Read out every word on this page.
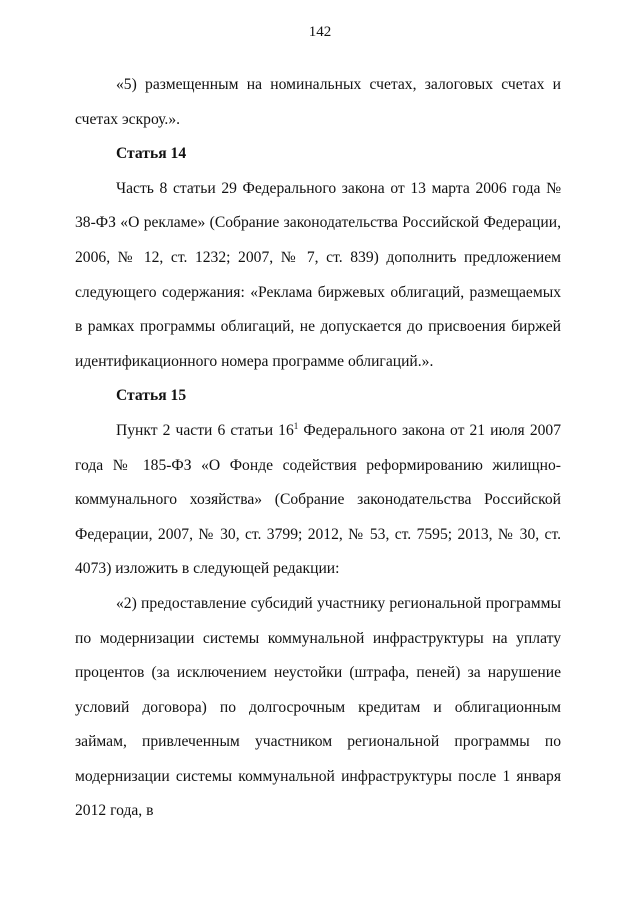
142

«5) размещенным на номинальных счетах, залоговых счетах и счетах эскроу.».

Статья 14

Часть 8 статьи 29 Федерального закона от 13 марта 2006 года № 38-ФЗ «О рекламе» (Собрание законодательства Российской Федерации, 2006, № 12, ст. 1232; 2007, № 7, ст. 839) дополнить предложением следующего содержания: «Реклама биржевых облигаций, размещаемых в рамках программы облигаций, не допускается до присвоения биржей идентификационного номера программе облигаций.».

Статья 15

Пункт 2 части 6 статьи $16^1$ Федерального закона от 21 июля 2007 года № 185-ФЗ «О Фонде содействия реформированию жилищно-коммунального хозяйства» (Собрание законодательства Российской Федерации, 2007, № 30, ст. 3799; 2012, № 53, ст. 7595; 2013, № 30, ст. 4073) изложить в следующей редакции:

«2) предоставление субсидий участнику региональной программы по модернизации системы коммунальной инфраструктуры на уплату процентов (за исключением неустойки (штрафа, пеней) за нарушение условий договора) по долгосрочным кредитам и облигационным займам, привлеченным участником региональной программы по модернизации системы коммунальной инфраструктуры после 1 января 2012 года, в
